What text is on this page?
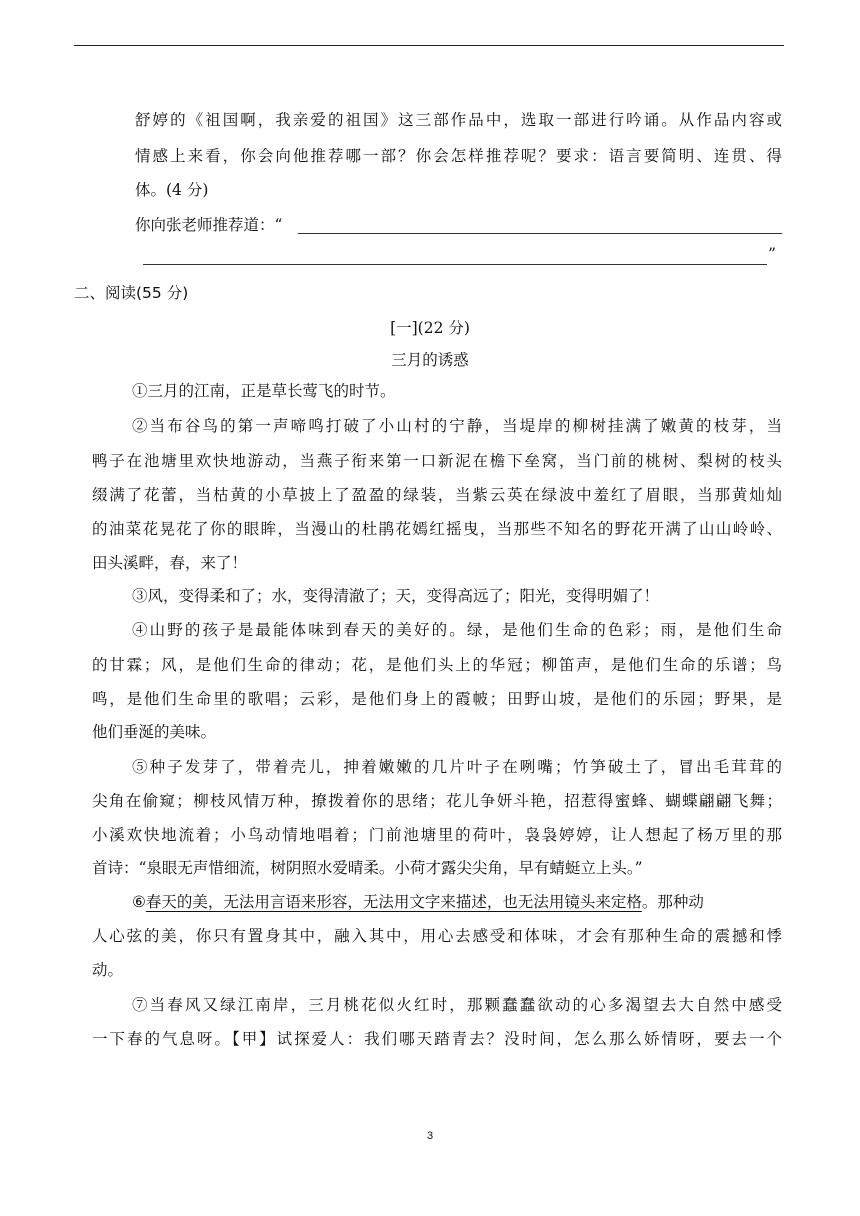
舒婷的《祖国啊，我亲爱的祖国》这三部作品中，选取一部进行吟诵。从作品内容或
情感上来看，你会向他推荐哪一部？你会怎样推荐呢？要求：语言要简明、连贯、得
体。(4 分)
你向张老师推荐道：“
”
二、阅读(55 分)
[一](22 分)
三月的诱惑
①三月的江南，正是草长莺飞的时节。
②当布谷鸟的第一声啼鸣打破了小山村的宁静，当堤岸的柳树挂满了嫩黄的枝芽，当
鸭子在池塘里欢快地游动，当燕子衔来第一口新泥在檐下垒窝，当门前的桃树、梨树的枝头
缀满了花蕾，当枯黄的小草披上了盈盈的绿装，当紫云英在绿波中羞红了眉眼，当那黄灿灿
的油菜花晃花了你的眼眸，当漫山的杜鹃花嫣红摇曳，当那些不知名的野花开满了山山岭岭、
田头溪畔，春，来了！
③风，变得柔和了；水，变得清澈了；天，变得高远了；阳光，变得明媚了！
④山野的孩子是最能体味到春天的美好的。绿，是他们生命的色彩；雨，是他们生命
的甘霖；风，是他们生命的律动；花，是他们头上的华冠；柳笛声，是他们生命的乐谱；鸟
鸣，是他们生命里的歌唱；云彩，是他们身上的霞帔；田野山坡，是他们的乐园；野果，是
他们垂涎的美味。
⑤种子发芽了，带着壳儿，抻着嫩嫩的几片叶子在咧嘴；竹笋破土了，冒出毛茸茸的
尖角在偷窥；柳枝风情万种，撩拨着你的思绪；花儿争妍斗艳，招惹得蜜蜂、蝴蝶翩翩飞舞；
小溪欢快地流着；小鸟动情地唱着；门前池塘里的荷叶，袅袅婷婷，让人想起了杨万里的那
首诗：“泉眼无声惜细流，树阴照水爱晴柔。小荷才露尖尖角，早有蜻蜓立上头。”
⑥ 春天的美，无法用言语来形容，无法用文字来描述，也无法用镜头来定格 。那种动
人心弦的美，你只有置身其中，融入其中，用心去感受和体味，才会有那种生命的震撼和悸
动。
⑦当春风又绿江南岸，三月桃花似火红时，那颗蠢蠢欲动的心多渴望去大自然中感受
一下春的气息呀。【甲】试探爱人：我们哪天踏青去？没时间，怎么那么娇情呀，要去一个
3
